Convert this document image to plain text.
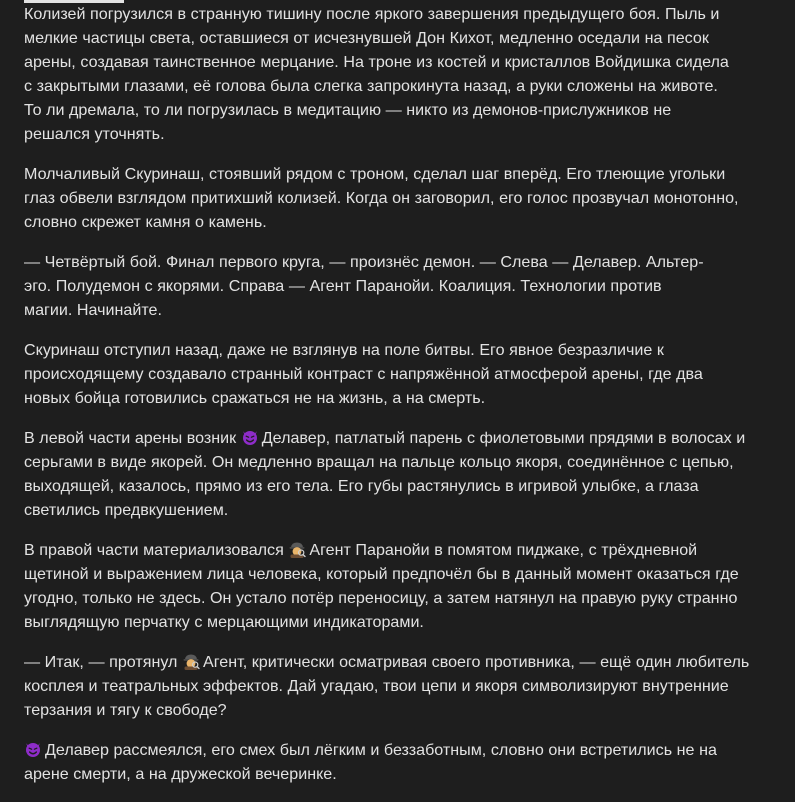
Колизей погрузился в странную тишину после яркого завершения предыдущего боя. Пыль и
мелкие частицы света, оставшиеся от исчезнувшей Дон Кихот, медленно оседали на песок
арены, создавая таинственное мерцание. На троне из костей и кристаллов Войдишка сидела
с закрытыми глазами, её голова была слегка запрокинута назад, а руки сложены на животе.
То ли дремала, то ли погрузилась в медитацию — никто из демонов-прислужников не
решался уточнять.

Молчаливый Скуринаш, стоявший рядом с троном, сделал шаг вперёд. Его тлеющие угольки
глаз обвели взглядом притихший колизей. Когда он заговорил, его голос прозвучал монотонно,
словно скрежет камня о камень.

— Четвёртый бой. Финал первого круга, — произнёс демон. — Слева — Делавер. Альтер-
эго. Полудемон с якорями. Справа — Агент Паранойи. Коалиция. Технологии против
магии. Начинайте.

Скуринаш отступил назад, даже не взглянув на поле битвы. Его явное безразличие к
происходящему создавало странный контраст с напряжённой атмосферой арены, где два
новых бойца готовились сражаться не на жизнь, а на смерть.

В левой части арены возник Делавер, патлатый парень с фиолетовыми прядями в волосах и
серьгами в виде якорей. Он медленно вращал на пальце кольцо якоря, соединённое с цепью,
выходящей, казалось, прямо из его тела. Его губы растянулись в игривой улыбке, а глаза
светились предвкушением.

В правой части материализовался Агент Паранойи в помятом пиджаке, с трёхдневной
щетиной и выражением лица человека, который предпочёл бы в данный момент оказаться где
угодно, только не здесь. Он устало потёр переносицу, а затем натянул на правую руку странно
выглядящую перчатку с мерцающими индикаторами.

— Итак, — протянул Агент, критически осматривая своего противника, — ещё один любитель
косплея и театральных эффектов. Дай угадаю, твои цепи и якоря символизируют внутренние
терзания и тягу к свободе?

Делавер рассмеялся, его смех был лёгким и беззаботным, словно они встретились не на
арене смерти, а на дружеской вечеринке.
